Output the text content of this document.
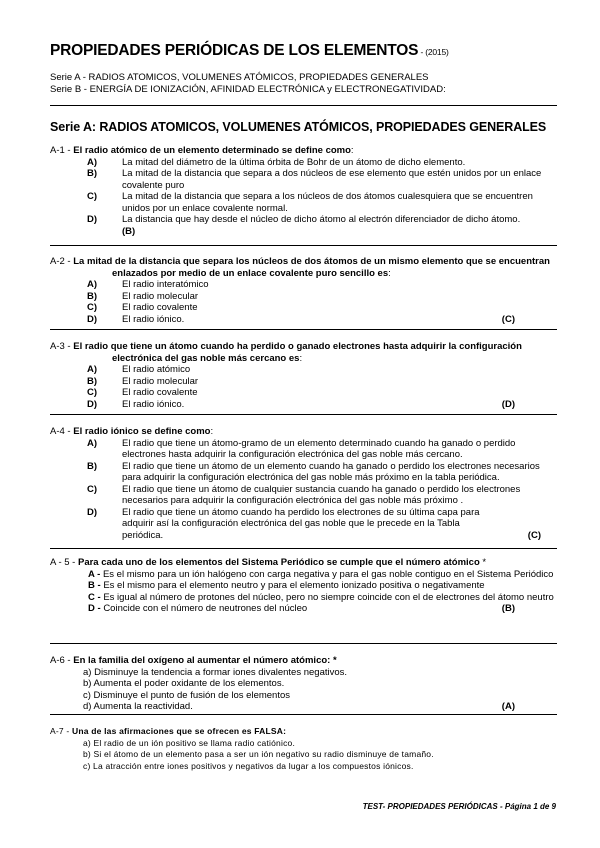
PROPIEDADES PERIÓDICAS DE LOS ELEMENTOS - (2015)
Serie A - RADIOS ATOMICOS, VOLUMENES ATÓMICOS, PROPIEDADES GENERALES
Serie B - ENERGÍA DE IONIZACIÓN, AFINIDAD ELECTRÓNICA y ELECTRONEGATIVIDAD:
Serie A: RADIOS ATOMICOS, VOLUMENES ATÓMICOS, PROPIEDADES GENERALES
A-1 - El radio atómico de un elemento determinado se define como:
A)	La mitad del diámetro de la última órbita de Bohr de un átomo de dicho elemento.
B)	La mitad de la distancia que separa a dos núcleos de ese elemento que estén unidos por un enlace covalente puro
C)	La mitad de la distancia que separa a los núcleos de dos átomos cualesquiera que se encuentren unidos por un enlace covalente normal.
D)	La distancia que hay desde el núcleo de dicho átomo al electrón diferenciador de dicho átomo.
(B)
A-2 - La mitad de la distancia que separa los núcleos de dos átomos de un mismo elemento que se encuentran enlazados por medio de un enlace covalente puro sencillo es:
A)	El radio interatómico
B)	El radio molecular
C)	El radio covalente
D)	El radio iónico.	(C)
A-3 - El radio que tiene un átomo cuando ha perdido o ganado electrones hasta adquirir la configuración electrónica del gas noble más cercano es:
A)	El radio atómico
B)	El radio molecular
C)	El radio covalente
D)	El radio iónico.	(D)
A-4 - El radio iónico se define como:
A)	El radio que tiene un átomo-gramo de un elemento determinado cuando ha ganado o perdido electrones hasta adquirir la configuración electrónica del gas noble más cercano.
B)	El radio que tiene un átomo de un elemento cuando ha ganado o perdido los electrones necesarios para adquirir la configuración electrónica del gas noble más próximo en la tabla periódica.
C)	El radio que tiene un átomo de cualquier sustancia cuando ha ganado o perdido los electrones necesarios para adquirir la configuración electrónica del gas noble más próximo .
D)	El radio que tiene un átomo cuando ha perdido los electrones de su última capa para adquirir así la configuración electrónica del gas noble que le precede en la Tabla periódica.	(C)
A - 5 - Para cada uno de los elementos del Sistema Periódico se cumple que el número atómico *
A - Es el mismo para un ión halógeno con carga negativa y para el gas noble contiguo en el Sistema Periódico
B - Es el mismo para el elemento neutro y para el elemento ionizado positiva o negativamente
C - Es igual al número de protones del núcleo, pero no siempre coincide con el de electrones del átomo neutro
D - Coincide con el número de neutrones del núcleo	(B)
A-6 - En la familia del oxígeno al aumentar el número atómico: *
a) Disminuye la tendencia a formar iones divalentes negativos.
b) Aumenta el poder oxidante de los elementos.
c) Disminuye el punto de fusión de los elementos
d) Aumenta la reactividad.	(A)
A-7 - Una de las afirmaciones que se ofrecen es FALSA:
a) El radio de un ión positivo se llama radio catiónico.
b) Si el átomo de un elemento pasa a ser un ión negativo su radio disminuye de tamaño.
c) La atracción entre iones positivos y negativos da lugar a los compuestos iónicos.
TEST- PROPIEDADES PERIÓDICAS - Página 1 de 9
